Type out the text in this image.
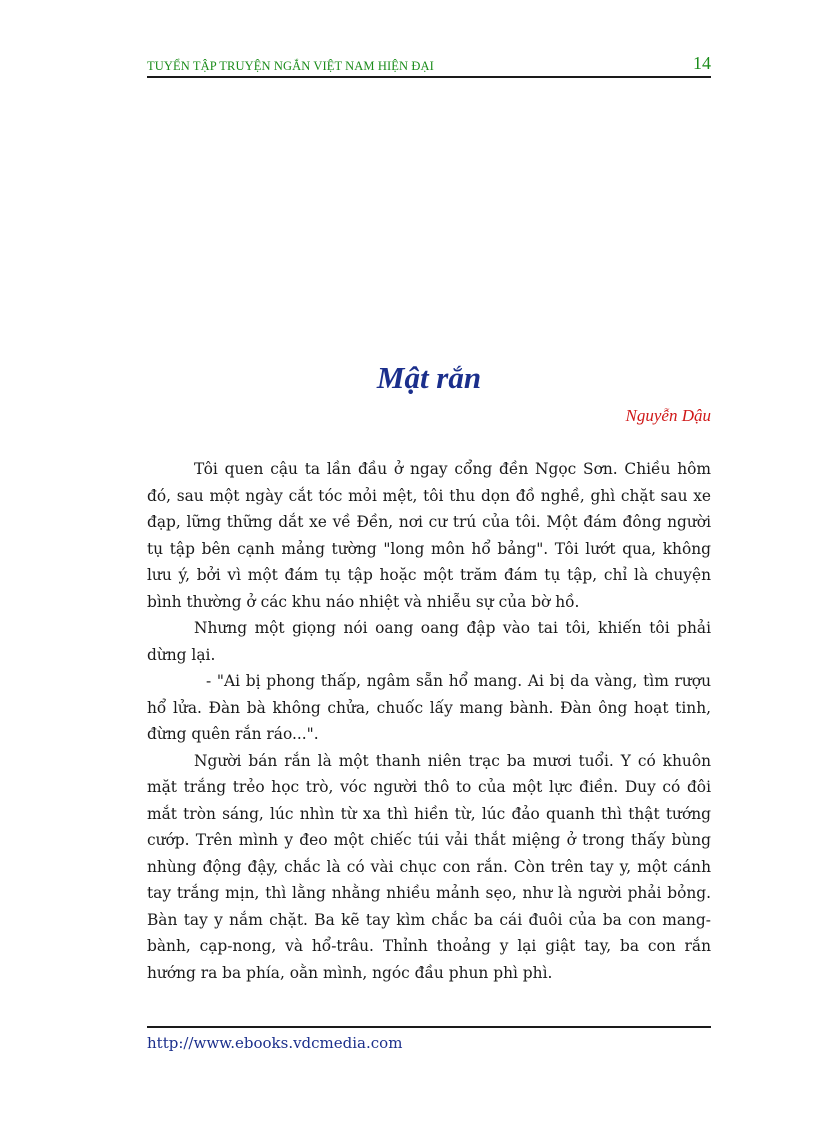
TUYỂN TẬP TRUYỆN NGẮN VIỆT NAM HIỆN ĐẠI	14
Mật rắn
Nguyễn Dậu

Tôi quen cậu ta lần đầu ở ngay cổng đền Ngọc Sơn. Chiều hôm đó, sau một ngày cắt tóc mỏi mệt, tôi thu dọn đồ nghề, ghì chặt sau xe đạp, lững thững dắt xe về Đền, nơi cư trú của tôi. Một đám đông người tụ tập bên cạnh mảng tường "long môn hổ bảng". Tôi lướt qua, không lưu ý, bởi vì một đám tụ tập hoặc một trăm đám tụ tập, chỉ là chuyện bình thường ở các khu náo nhiệt và nhiễu sự của bờ hồ.

Nhưng một giọng nói oang oang đập vào tai tôi, khiến tôi phải dừng lại.

- "Ai bị phong thấp, ngâm sẵn hổ mang. Ai bị da vàng, tìm rượu hổ lửa. Đàn bà không chửa, chuốc lấy mang bành. Đàn ông hoạt tinh, đừng quên rắn ráo...".

Người bán rắn là một thanh niên trạc ba mươi tuổi. Y có khuôn mặt trắng trẻo học trò, vóc người thô to của một lực điền. Duy có đôi mắt tròn sáng, lúc nhìn từ xa thì hiền từ, lúc đảo quanh thì thật tướng cướp. Trên mình y đeo một chiếc túi vải thắt miệng ở trong thấy bùng nhùng động đậy, chắc là có vài chục con rắn. Còn trên tay y, một cánh tay trắng mịn, thì lằng nhằng nhiều mảnh sẹo, như là người phải bỏng. Bàn tay y nắm chặt. Ba kẽ tay kìm chắc ba cái đuôi của ba con mang-bành, cạp-nong, và hổ-trâu. Thỉnh thoảng y lại giật tay, ba con rắn hướng ra ba phía, oằn mình, ngóc đầu phun phì phì.

http://www.ebooks.vdcmedia.com
